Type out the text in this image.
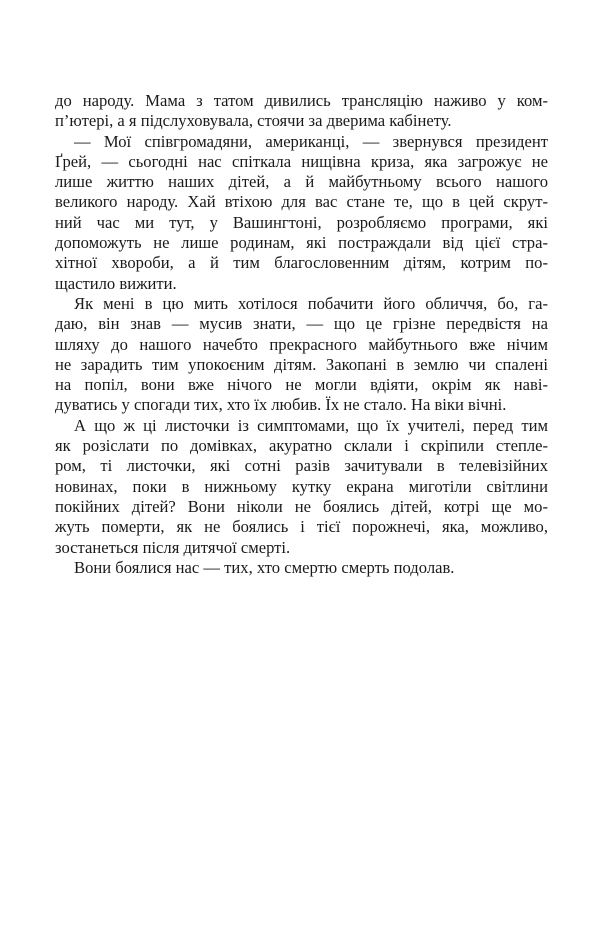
до народу. Мама з татом дивились трансляцію наживо у ком-
п’ютері, а я підслуховувала, стоячи за дверима кабінету.
— Мої співгромадяни, американці, — звернувся президент
Ґрей, — сьогодні нас спіткала нищівна криза, яка загрожує не
лише життю наших дітей, а й майбутньому всього нашого
великого народу. Хай втіхою для вас стане те, що в цей скрут-
ний час ми тут, у Вашингтоні, розробляємо програми, які
допоможуть не лише родинам, які постраждали від цієї стра-
хітної хвороби, а й тим благословенним дітям, котрим по-
щастило вижити.
Як мені в цю мить хотілося побачити його обличчя, бо, га-
даю, він знав — мусив знати, — що це грізне передвістя на
шляху до нашого начебто прекрасного майбутнього вже нічим
не зарадить тим упокоєним дітям. Закопані в землю чи спалені
на попіл, вони вже нічого не могли вдіяти, окрім як наві-
дуватись у спогади тих, хто їх любив. Їх не стало. На віки вічні.
А що ж ці листочки із симптомами, що їх учителі, перед тим
як розіслати по домівках, акуратно склали і скріпили степле-
ром, ті листочки, які сотні разів зачитували в телевізійних
новинах, поки в нижньому кутку екрана миготіли світлини
покійних дітей? Вони ніколи не боялись дітей, котрі ще мо-
жуть померти, як не боялись і тієї порожнечі, яка, можливо,
зостанеться після дитячої смерті.
Вони боялися нас — тих, хто смертю смерть подолав.
